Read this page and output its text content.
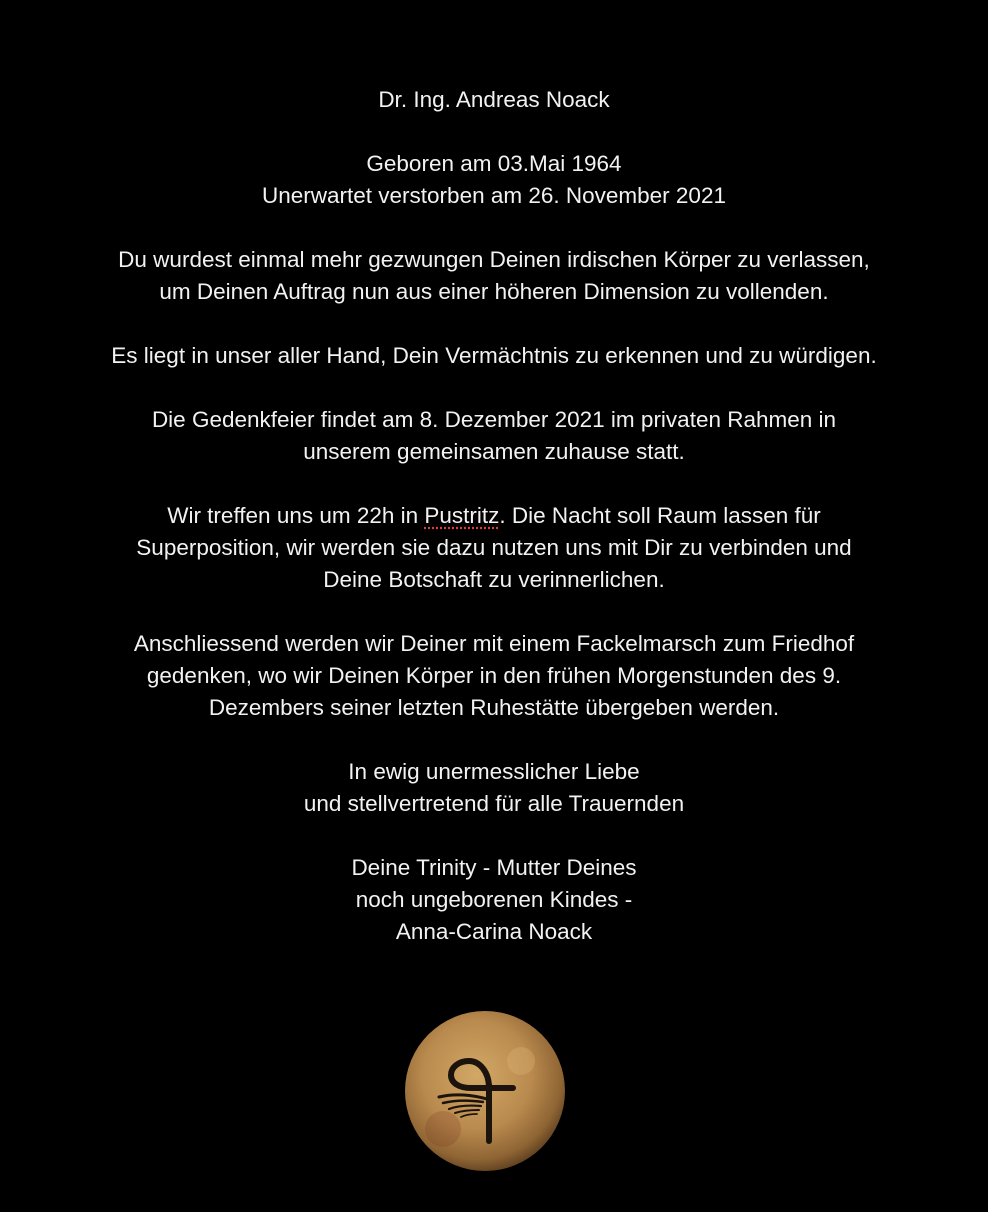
Dr. Ing. Andreas Noack

Geboren am 03.Mai 1964
Unerwartet verstorben am 26. November 2021

Du wurdest einmal mehr gezwungen Deinen irdischen Körper zu verlassen,
um Deinen Auftrag nun aus einer höheren Dimension zu vollenden.

Es liegt in unser aller Hand, Dein Vermächtnis zu erkennen und zu würdigen.

Die Gedenkfeier findet am 8. Dezember 2021 im privaten Rahmen in
unserem gemeinsamen zuhause statt.

Wir treffen uns um 22h in Pustritz. Die Nacht soll Raum lassen für
Superposition, wir werden sie dazu nutzen uns mit Dir zu verbinden und
Deine Botschaft zu verinnerlichen.

Anschliessend werden wir Deiner mit einem Fackelmarsch zum Friedhof
gedenken, wo wir Deinen Körper in den frühen Morgenstunden des 9.
Dezembers seiner letzten Ruhestätte übergeben werden.

In ewig unermesslicher Liebe
und stellvertretend für alle Trauernden

Deine Trinity - Mutter Deines
noch ungeborenen Kindes -
Anna-Carina Noack
